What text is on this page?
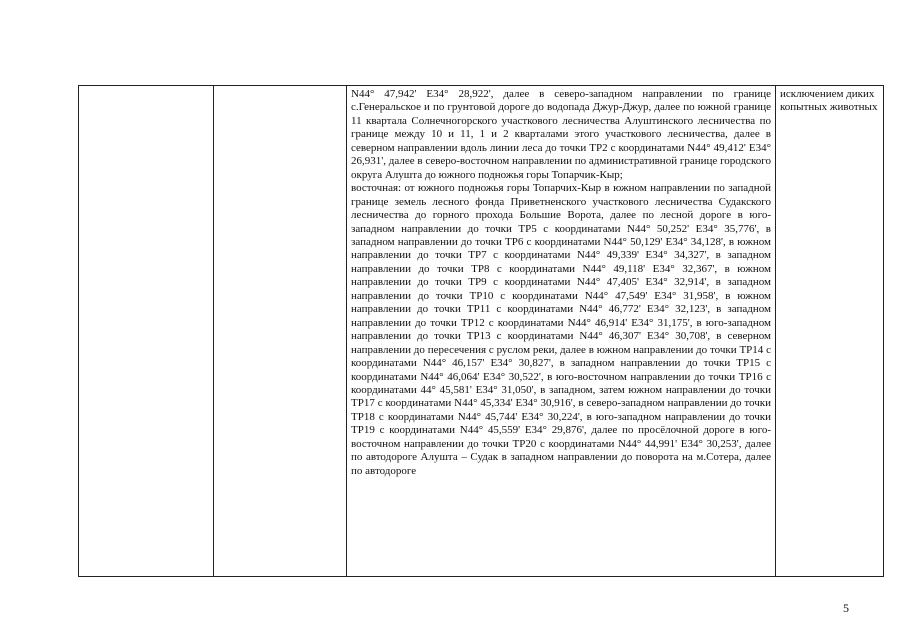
N44° 47,942' E34° 28,922', далее в северо-западном направлении по границе с.Генеральское и по грунтовой дороге до водопада Джур-Джур, далее по южной границе 11 квартала Солнечногорского участкового лесничества Алуштинского лесничества по границе между 10 и 11, 1 и 2 кварталами этого участкового лесничества, далее в северном направлении вдоль линии леса до точки TP2 с координатами N44° 49,412' E34° 26,931', далее в северо-восточном направлении по административной границе городского округа Алушта до южного подножья горы Топарчик-Кыр;

восточная: от южного подножья горы Топарчих-Кыр в южном направлении по западной границе земель лесного фонда Приветненского участкового лесничества Судакского лесничества до горного прохода Большие Ворота, далее по лесной дороге в юго-западном направлении до точки TP5 с координатами N44° 50,252' E34° 35,776', в западном направлении до точки TP6 с координатами N44° 50,129' E34° 34,128', в южном направлении до точки TP7 с координатами N44° 49,339' E34° 34,327', в западном направлении до точки TP8 с координатами N44° 49,118' E34° 32,367', в южном направлении до точки TP9 с координатами N44° 47,405' E34° 32,914', в западном направлении до точки TP10 с координатами N44° 47,549' E34° 31,958', в южном направлении до точки TP11 с координатами N44° 46,772' E34° 32,123', в западном направлении до точки TP12 с координатами N44° 46,914' E34° 31,175', в юго-западном направлении до точки TP13 с координатами N44° 46,307' E34° 30,708', в северном направлении до пересечения с руслом реки, далее в южном направлении до точки TP14 с координатами N44° 46,157' E34° 30,827', в западном направлении до точки TP15 с координатами N44° 46,064' E34° 30,522', в юго-восточном направлении до точки TP16 с координатами 44° 45,581' E34° 31,050', в западном, затем южном направлении до точки TP17 с координатами N44° 45,334' E34° 30,916', в северо-западном направлении до точки TP18 с координатами N44° 45,744' E34° 30,224', в юго-западном направлении до точки TP19 с координатами N44° 45,559' E34° 29,876', далее по просёлочной дороге в юго-восточном направлении до точки TP20 с координатами N44° 44,991' E34° 30,253', далее по автодороге Алушта – Судак в западном направлении до поворота на м.Сотера, далее по автодороге

	исключением диких копытных животных
5
